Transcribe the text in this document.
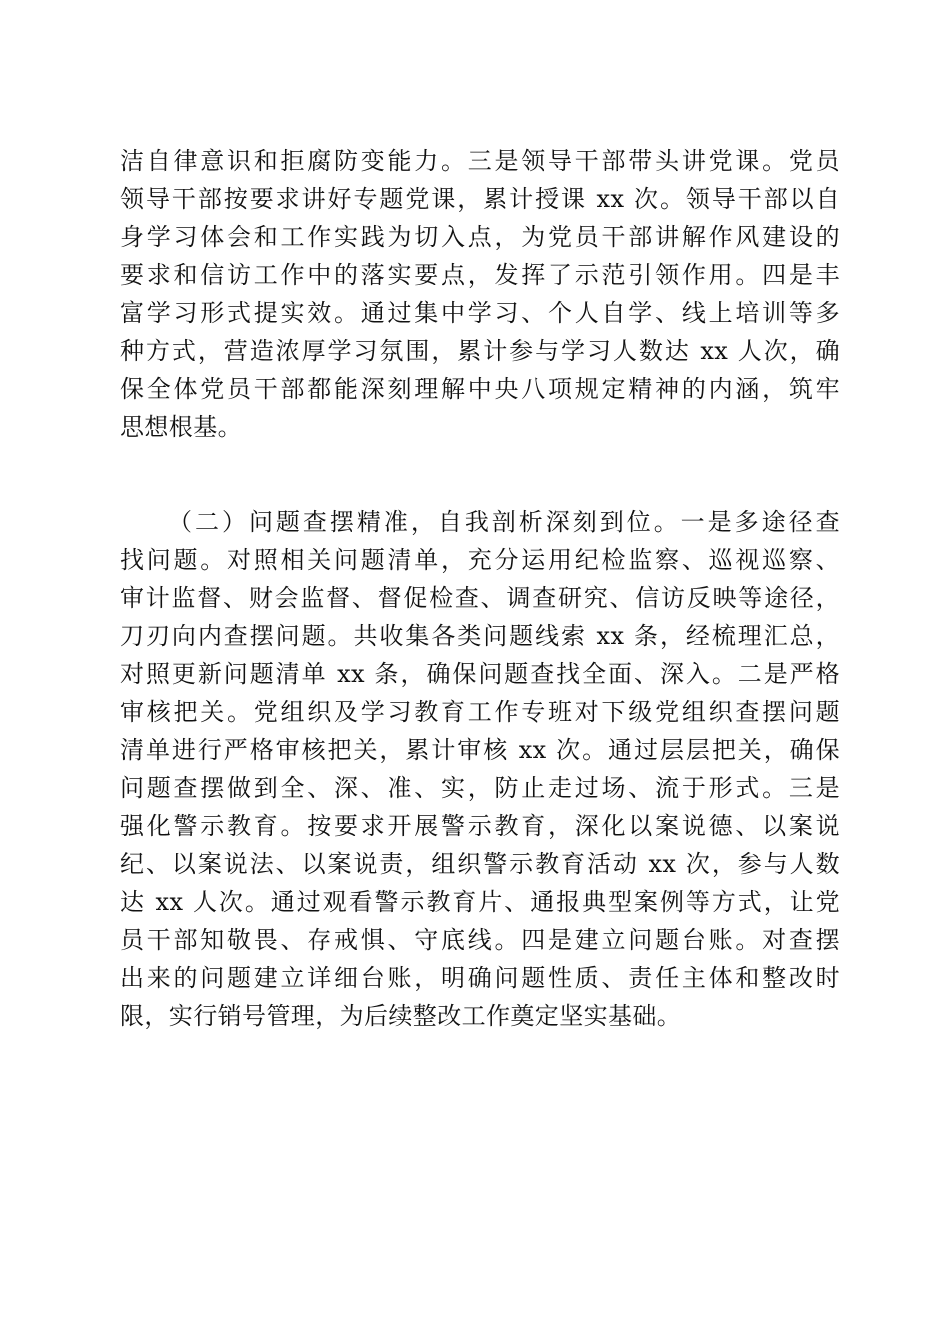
洁自律意识和拒腐防变能力。三是领导干部带头讲党课。党员
领导干部按要求讲好专题党课，累计授课 xx 次。领导干部以自
身学习体会和工作实践为切入点，为党员干部讲解作风建设的
要求和信访工作中的落实要点，发挥了示范引领作用。四是丰
富学习形式提实效。通过集中学习、个人自学、线上培训等多
种方式，营造浓厚学习氛围，累计参与学习人数达 xx 人次，确
保全体党员干部都能深刻理解中央八项规定精神的内涵，筑牢
思想根基。
（二）问题查摆精准，自我剖析深刻到位。一是多途径查
找问题。对照相关问题清单，充分运用纪检监察、巡视巡察、
审计监督、财会监督、督促检查、调查研究、信访反映等途径，
刀刃向内查摆问题。共收集各类问题线索 xx 条，经梳理汇总，
对照更新问题清单 xx 条，确保问题查找全面、深入。二是严格
审核把关。党组织及学习教育工作专班对下级党组织查摆问题
清单进行严格审核把关，累计审核 xx 次。通过层层把关，确保
问题查摆做到全、深、准、实，防止走过场、流于形式。三是
强化警示教育。按要求开展警示教育，深化以案说德、以案说
纪、以案说法、以案说责，组织警示教育活动 xx 次，参与人数
达 xx 人次。通过观看警示教育片、通报典型案例等方式，让党
员干部知敬畏、存戒惧、守底线。四是建立问题台账。对查摆
出来的问题建立详细台账，明确问题性质、责任主体和整改时
限，实行销号管理，为后续整改工作奠定坚实基础。
